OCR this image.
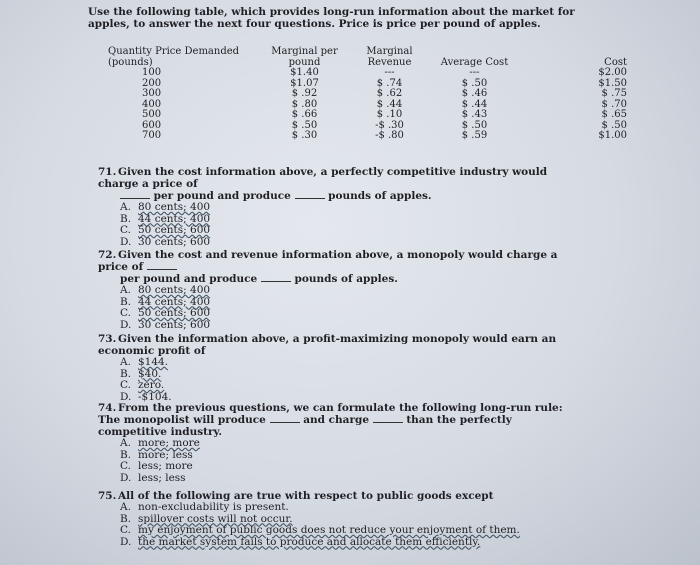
Use the following table, which provides long-run information about the market for apples, to answer the next four questions. Price is price per pound of apples.
Quantity Price Demanded (pounds)	Marginal per pound	Marginal Revenue	Average Cost	Cost
100	$1.40	---	---	$2.00
200	$1.07	$ .74	$ .50	$1.50
300	$ .92	$ .62	$ .46	$ .75
400	$ .80	$ .44	$ .44	$ .70
500	$ .66	$ .10	$ .43	$ .65
600	$ .50	-$ .30	$ .50	$ .50
700	$ .30	-$ .80	$ .59	$1.00
71. Given the cost information above, a perfectly competitive industry would charge a price of
per pound and produce	pounds of apples.
A. 80 cents; 400
B. 44 cents; 400
C. 50 cents; 600
D. 30 cents; 600
72. Given the cost and revenue information above, a monopoly would charge a price of
per pound and produce	pounds of apples.
A. 80 cents; 400
B. 44 cents; 400
C. 50 cents; 600
D. 30 cents; 600
73. Given the information above, a profit-maximizing monopoly would earn an economic profit of
A. $144.
B. $40.
C. zero.
D. -$104.
74. From the previous questions, we can formulate the following long-run rule: The monopolist will produce	and charge	than the perfectly competitive industry.
A. more; more
B. more; less
C. less; more
D. less; less
75. All of the following are true with respect to public goods except
A. non-excludability is present.
B. spillover costs will not occur.
C. my enjoyment of public goods does not reduce your enjoyment of them.
D. the market system fails to produce and allocate them efficiently.
